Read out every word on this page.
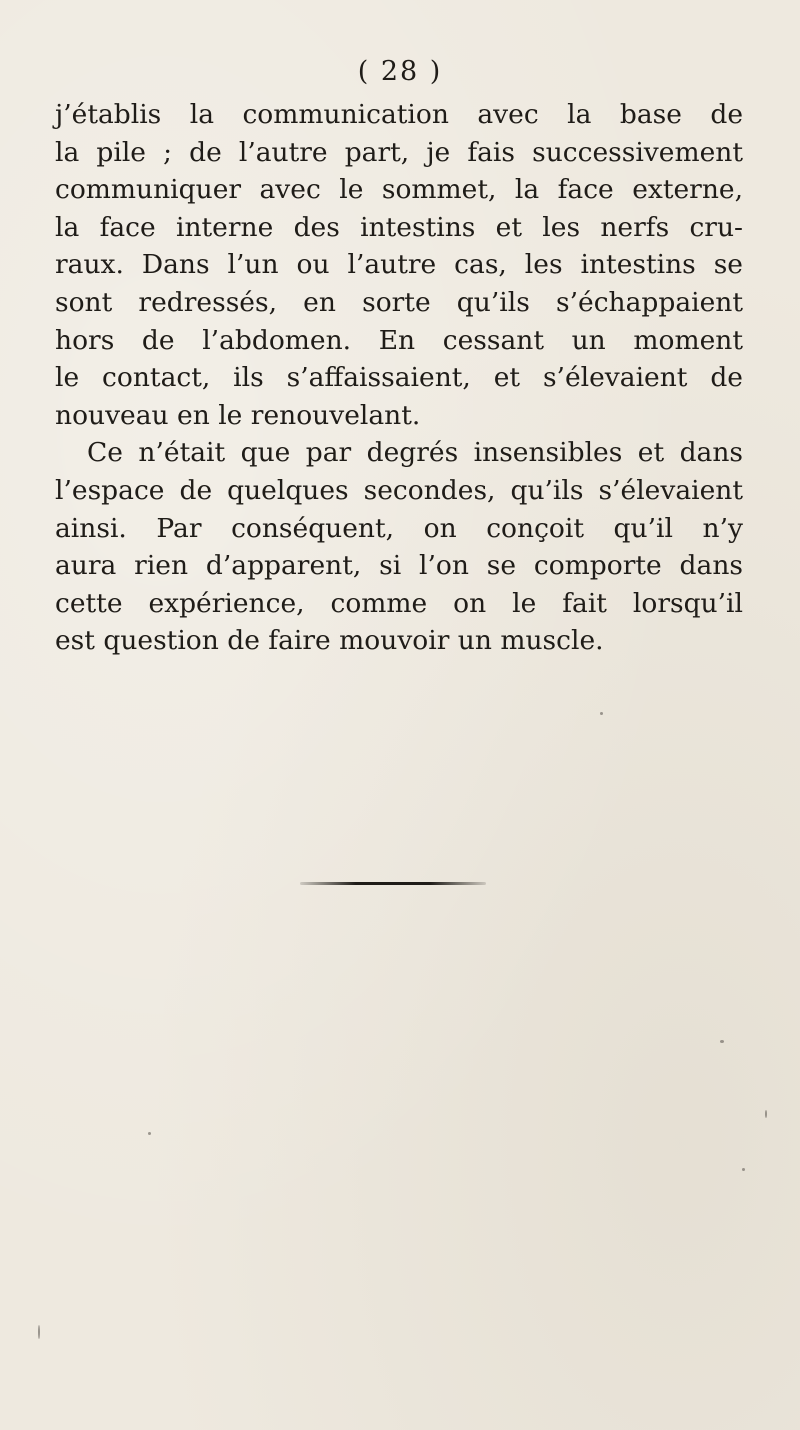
( 28 )
j’établis la communication avec la base de
la pile ; de l’autre part, je fais successivement
communiquer avec le sommet, la face externe,
la face interne des intestins et les nerfs cru-
raux. Dans l’un ou l’autre cas, les intestins se
sont redressés, en sorte qu’ils s’échappaient
hors de l’abdomen. En cessant un moment
le contact, ils s’affaissaient, et s’élevaient de
nouveau en le renouvelant.
Ce n’était que par degrés insensibles et dans
l’espace de quelques secondes, qu’ils s’élevaient
ainsi. Par conséquent, on conçoit qu’il n’y
aura rien d’apparent, si l’on se comporte dans
cette expérience, comme on le fait lorsqu’il
est question de faire mouvoir un muscle.
